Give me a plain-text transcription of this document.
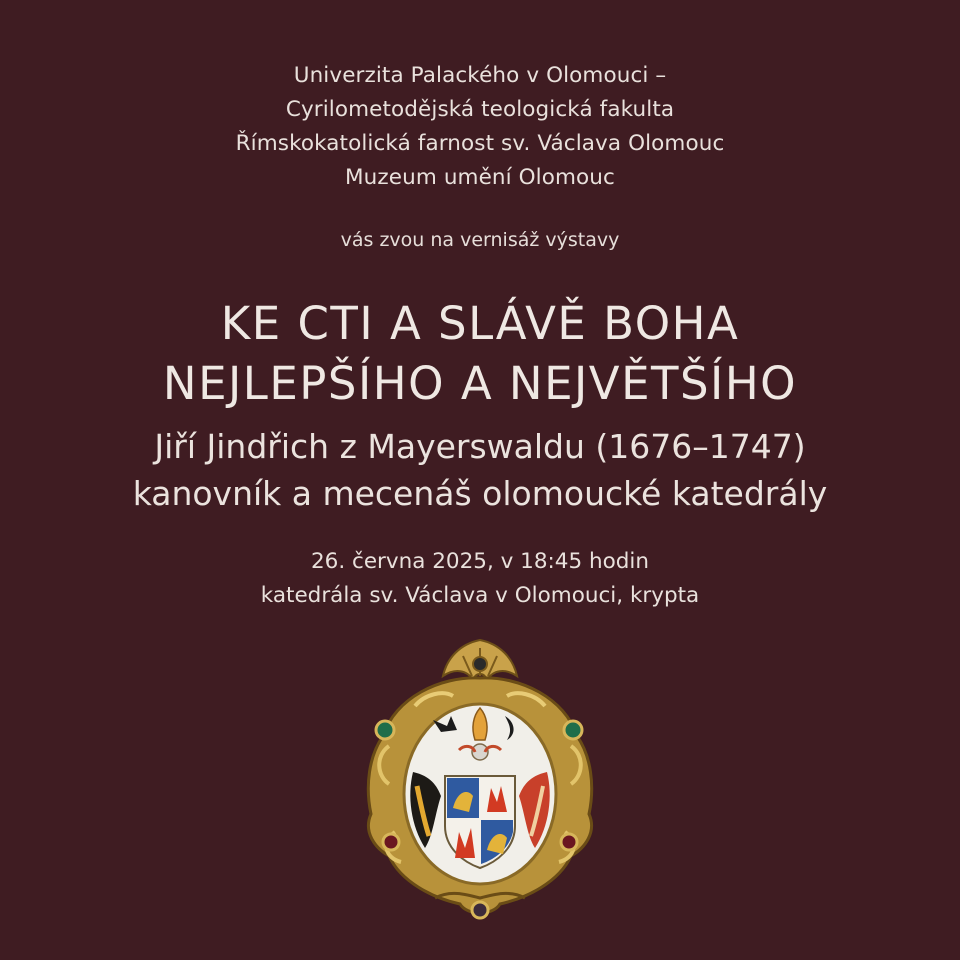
Univerzita Palackého v Olomouci –
Cyrilometodějská teologická fakulta
Římskokatolická farnost sv. Václava Olomouc
Muzeum umění Olomouc
vás zvou na vernisáž výstavy
KE CTI A SLÁVĚ BOHA
NEJLEPŠÍHO A NEJVĚTŠÍHO
Jiří Jindřich z Mayerswaldu (1676–1747)
kanovník a mecenáš olomoucké katedrály
26. června 2025, v 18:45 hodin
katedrála sv. Václava v Olomouci, krypta
